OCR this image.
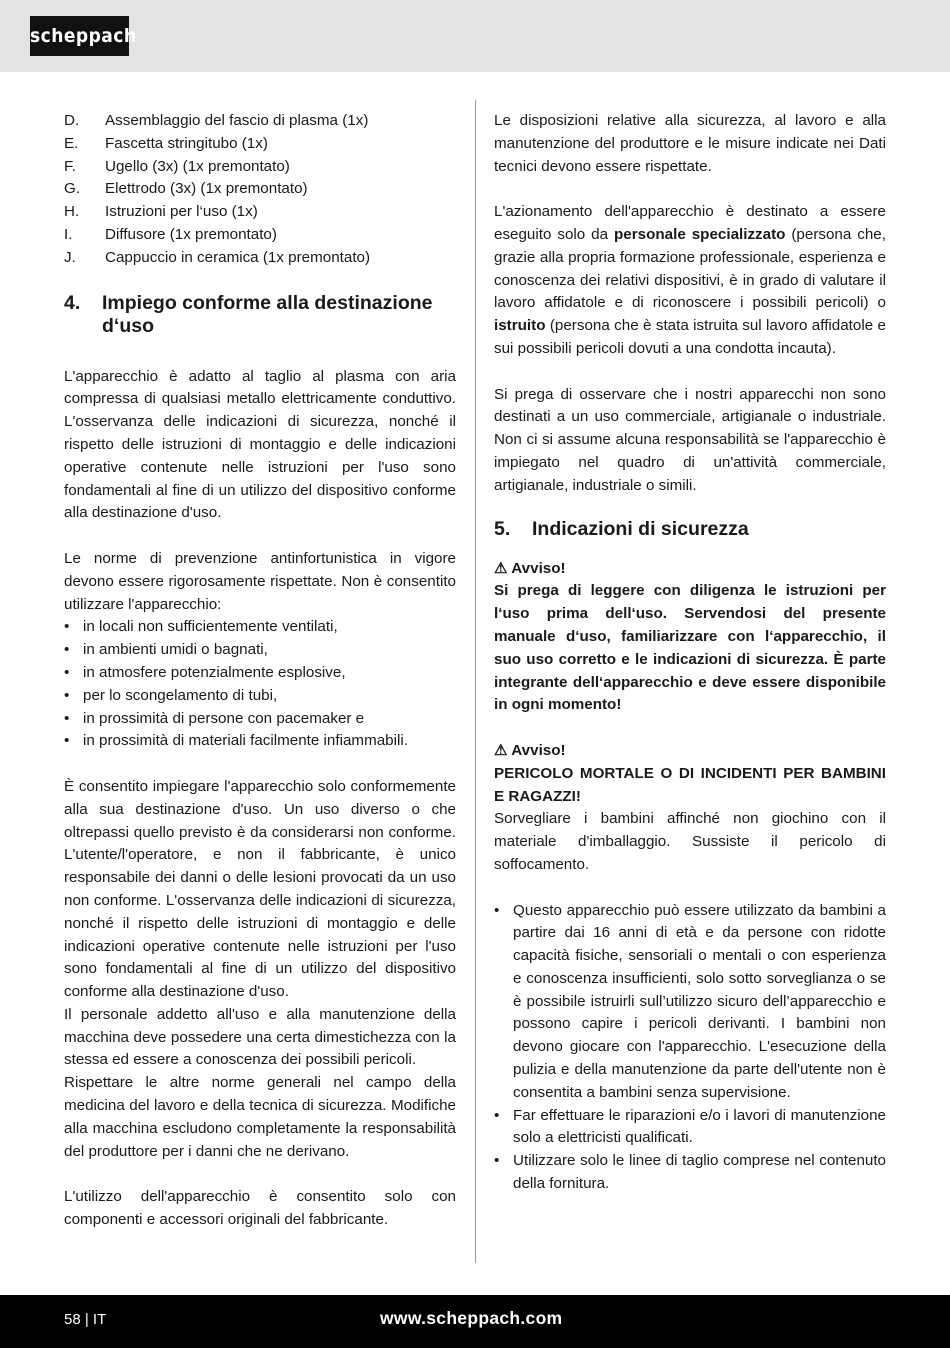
scheppach
D.	Assemblaggio del fascio di plasma (1x)
E.	Fascetta stringitubo (1x)
F.	Ugello (3x) (1x premontato)
G.	Elettrodo (3x) (1x premontato)
H.	Istruzioni per l‘uso (1x)
I.	Diffusore (1x premontato)
J.	Cappuccio in ceramica (1x premontato)
4.	Impiego conforme alla destinazione d‘uso

L'apparecchio è adatto al taglio al plasma con aria compressa di qualsiasi metallo elettricamente conduttivo. L'osservanza delle indicazioni di sicurezza, nonché il rispetto delle istruzioni di montaggio e delle indicazioni operative contenute nelle istruzioni per l'uso sono fondamentali al fine di un utilizzo del dispositivo conforme alla destinazione d'uso.

Le norme di prevenzione antinfortunistica in vigore devono essere rigorosamente rispettate. Non è consentito utilizzare l'apparecchio:

• in locali non sufficientemente ventilati,
• in ambienti umidi o bagnati,
• in atmosfere potenzialmente esplosive,
• per lo scongelamento di tubi,
• in prossimità di persone con pacemaker e
• in prossimità di materiali facilmente infiammabili.

È consentito impiegare l'apparecchio solo conformemente alla sua destinazione d'uso. Un uso diverso o che oltrepassi quello previsto è da considerarsi non conforme. L'utente/l'operatore, e non il fabbricante, è unico responsabile dei danni o delle lesioni provocati da un uso non conforme. L'osservanza delle indicazioni di sicurezza, nonché il rispetto delle istruzioni di montaggio e delle indicazioni operative contenute nelle istruzioni per l'uso sono fondamentali al fine di un utilizzo del dispositivo conforme alla destinazione d'uso.

Il personale addetto all'uso e alla manutenzione della macchina deve possedere una certa dimestichezza con la stessa ed essere a conoscenza dei possibili pericoli.

Rispettare le altre norme generali nel campo della medicina del lavoro e della tecnica di sicurezza. Modifiche alla macchina escludono completamente la responsabilità del produttore per i danni che ne derivano.

L'utilizzo dell'apparecchio è consentito solo con componenti e accessori originali del fabbricante.

Le disposizioni relative alla sicurezza, al lavoro e alla manutenzione del produttore e le misure indicate nei Dati tecnici devono essere rispettate.

L'azionamento dell'apparecchio è destinato a essere eseguito solo da personale specializzato (persona che, grazie alla propria formazione professionale, esperienza e conoscenza dei relativi dispositivi, è in grado di valutare il lavoro affidatole e di riconoscere i possibili pericoli) o istruito (persona che è stata istruita sul lavoro affidatole e sui possibili pericoli dovuti a una condotta incauta).

Si prega di osservare che i nostri apparecchi non sono destinati a un uso commerciale, artigianale o industriale. Non ci si assume alcuna responsabilità se l'apparecchio è impiegato nel quadro di un'attività commerciale, artigianale, industriale o simili.

5.	Indicazioni di sicurezza
⚠ Avviso!

Si prega di leggere con diligenza le istruzioni per l‘uso prima dell‘uso. Servendosi del presente manuale d‘uso, familiarizzare con l‘apparecchio, il suo uso corretto e le indicazioni di sicurezza. È parte integrante dell‘apparecchio e deve essere disponibile in ogni momento!

⚠ Avviso!

PERICOLO MORTALE O DI INCIDENTI PER BAMBINI E RAGAZZI!

Sorvegliare i bambini affinché non giochino con il materiale d'imballaggio. Sussiste il pericolo di soffocamento.

• Questo apparecchio può essere utilizzato da bambini a partire dai 16 anni di età e da persone con ridotte capacità fisiche, sensoriali o mentali o con esperienza e conoscenza insufficienti, solo sotto sorveglianza o se è possibile istruirli sull’utilizzo sicuro dell’apparecchio e possono capire i pericoli derivanti. I bambini non devono giocare con l'apparecchio. L'esecuzione della pulizia e della manutenzione da parte dell'utente non è consentita a bambini senza supervisione.
• Far effettuare le riparazioni e/o i lavori di manutenzione solo a elettricisti qualificati.
• Utilizzare solo le linee di taglio comprese nel contenuto della fornitura.
58 | IT	www.scheppach.com
